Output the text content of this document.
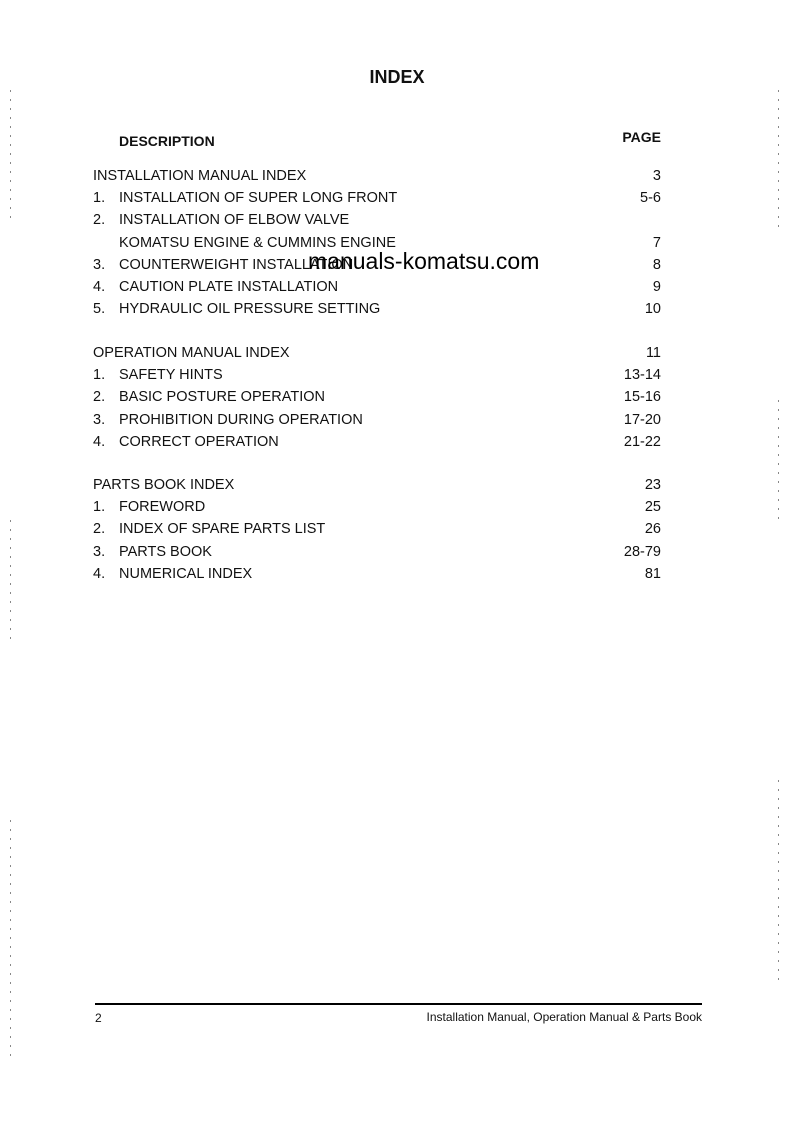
INDEX
DESCRIPTION	PAGE
INSTALLATION MANUAL INDEX	3
1. INSTALLATION OF SUPER LONG FRONT	5-6
2. INSTALLATION OF ELBOW VALVE
KOMATSU ENGINE & CUMMINS ENGINE	7
3. COUNTERWEIGHT INSTALLATION	8
4. CAUTION PLATE INSTALLATION	9
5. HYDRAULIC OIL PRESSURE SETTING	10
OPERATION MANUAL INDEX	11
1. SAFETY HINTS	13-14
2. BASIC POSTURE OPERATION	15-16
3. PROHIBITION DURING OPERATION	17-20
4. CORRECT OPERATION	21-22
PARTS BOOK INDEX	23
1. FOREWORD	25
2. INDEX OF SPARE PARTS LIST	26
3. PARTS BOOK	28-79
4. NUMERICAL INDEX	81
manuals-komatsu.com
2	Installation Manual, Operation Manual & Parts Book
